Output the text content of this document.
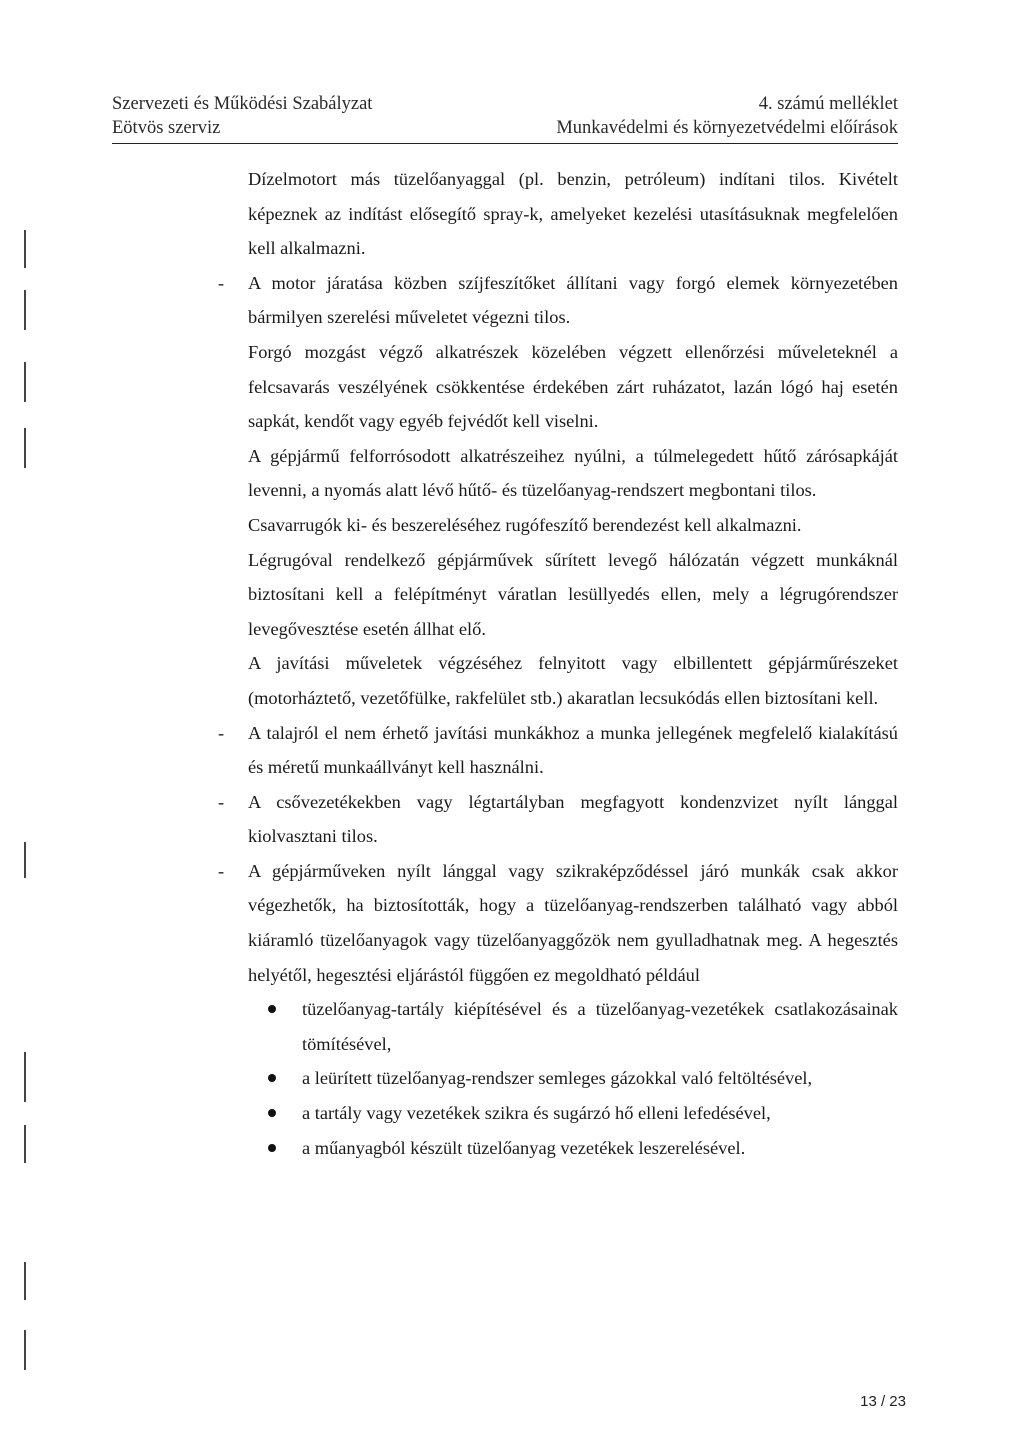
Szervezeti és Működési Szabályzat	4. számú melléklet
Eötvös szerviz	Munkavédelmi és környezetvédelmi előírások

Dízelmotort más tüzelőanyaggal (pl. benzin, petróleum) indítani tilos. Kivételt képeznek az indítást elősegítő spray-k, amelyeket kezelési utasításuknak megfelelően kell alkalmazni.

- A motor járatása közben szíjfeszítőket állítani vagy forgó elemek környezetében bármilyen szerelési műveletet végezni tilos.

Forgó mozgást végző alkatrészek közelében végzett ellenőrzési műveleteknél a felcsavarás veszélyének csökkentése érdekében zárt ruházatot, lazán lógó haj esetén sapkát, kendőt vagy egyéb fejvédőt kell viselni.

A gépjármű felforrósodott alkatrészeihez nyúlni, a túlmelegedett hűtő zárósapkáját levenni, a nyomás alatt lévő hűtő- és tüzelőanyag-rendszert megbontani tilos.

Csavarrugók ki- és beszereléséhez rugófeszítő berendezést kell alkalmazni.

Légrugóval rendelkező gépjárművek sűrített levegő hálózatán végzett munkáknál biztosítani kell a felépítményt váratlan lesüllyedés ellen, mely a légrugórendszer levegővesztése esetén állhat elő.

A javítási műveletek végzéséhez felnyitott vagy elbillentett gépjárműrészeket (motorháztető, vezetőfülke, rakfelület stb.) akaratlan lecsukódás ellen biztosítani kell.

- A talajról el nem érhető javítási munkákhoz a munka jellegének megfelelő kialakítású és méretű munkaállványt kell használni.

- A csővezetékekben vagy légtartályban megfagyott kondenzvizet nyílt lánggal kiolvasztani tilos.

- A gépjárműveken nyílt lánggal vagy szikraképződéssel járó munkák csak akkor végezhetők, ha biztosították, hogy a tüzelőanyag-rendszerben található vagy abból kiáramló tüzelőanyagok vagy tüzelőanyaggőzök nem gyulladhatnak meg. A hegesztés helyétől, hegesztési eljárástól függően ez megoldható például

tüzelőanyag-tartály kiépítésével és a tüzelőanyag-vezetékek csatlakozásainak tömítésével,
a leürített tüzelőanyag-rendszer semleges gázokkal való feltöltésével,
a tartály vagy vezetékek szikra és sugárzó hő elleni lefedésével,
a műanyagból készült tüzelőanyag vezetékek leszerelésével.
13 / 23
